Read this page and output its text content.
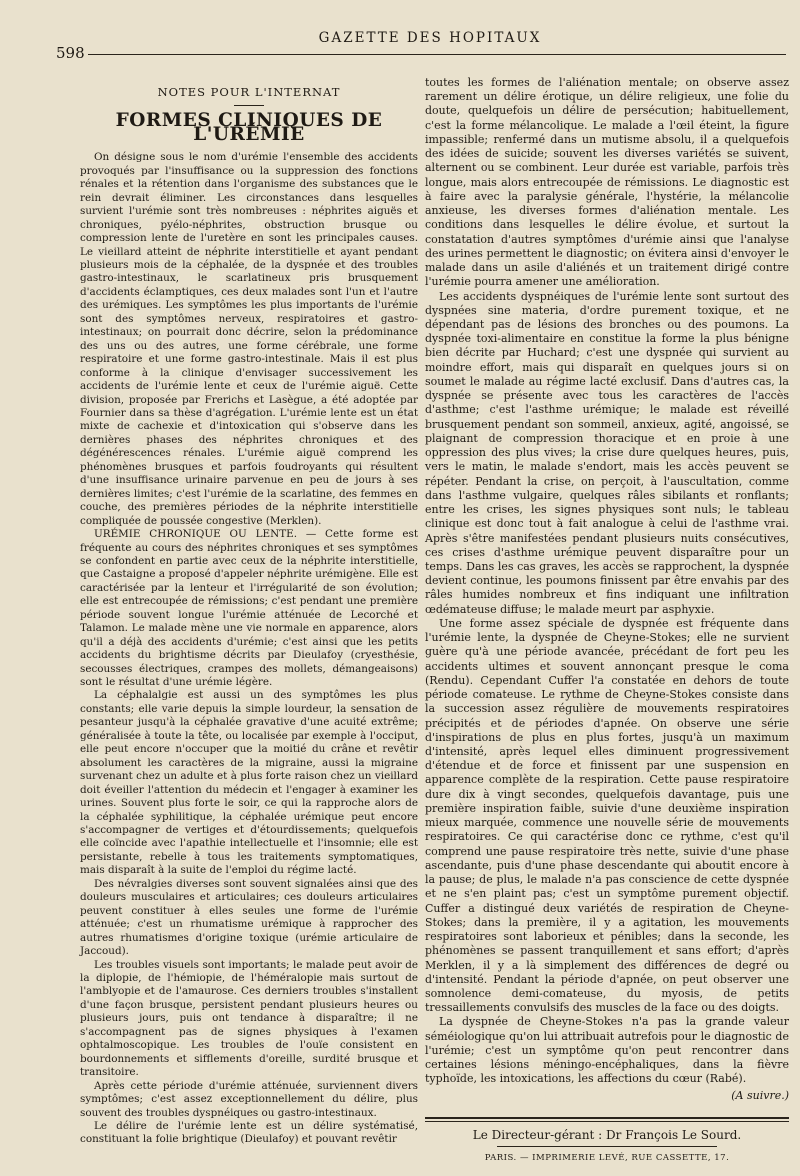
598
GAZETTE DES HOPITAUX
NOTES POUR L'INTERNAT
FORMES CLINIQUES DE L'URÉMIE

On désigne sous le nom d'urémie l'ensemble des accidents provoqués par l'insuffisance ou la suppression des fonctions rénales et la rétention dans l'organisme des substances que le rein devrait éliminer. Les circonstances dans lesquelles survient l'urémie sont très nombreuses : néphrites aiguës et chroniques, pyélo-néphrites, obstruction brusque ou compression lente de l'uretère en sont les principales causes. Le vieillard atteint de néphrite interstitielle et ayant pendant plusieurs mois de la céphalée, de la dyspnée et des troubles gastro-intestinaux, le scarlatineux pris brusquement d'accidents éclamptiques, ces deux malades sont l'un et l'autre des urémiques. Les symptômes les plus importants de l'urémie sont des symptômes nerveux, respiratoires et gastro-intestinaux; on pourrait donc décrire, selon la prédominance des uns ou des autres, une forme cérébrale, une forme respiratoire et une forme gastro-intestinale. Mais il est plus conforme à la clinique d'envisager successivement les accidents de l'urémie lente et ceux de l'urémie aiguë. Cette division, proposée par Frerichs et Lasègue, a été adoptée par Fournier dans sa thèse d'agrégation. L'urémie lente est un état mixte de cachexie et d'intoxication qui s'observe dans les dernières phases des néphrites chroniques et des dégénérescences rénales. L'urémie aiguë comprend les phénomènes brusques et parfois foudroyants qui résultent d'une insuffisance urinaire parvenue en peu de jours à ses dernières limites; c'est l'urémie de la scarlatine, des femmes en couche, des premières périodes de la néphrite interstitielle compliquée de poussée congestive (Merklen).

URÉMIE CHRONIQUE OU LENTE. — Cette forme est fréquente au cours des néphrites chroniques et ses symptômes se confondent en partie avec ceux de la néphrite interstitielle, que Castaigne a proposé d'appeler néphrite urémigène. Elle est caractérisée par la lenteur et l'irrégularité de son évolution; elle est entrecoupée de rémissions; c'est pendant une première période souvent longue l'urémie atténuée de Lecorché et Talamon. Le malade mène une vie normale en apparence, alors qu'il a déjà des accidents d'urémie; c'est ainsi que les petits accidents du brightisme décrits par Dieulafoy (cryesthésie, secousses électriques, crampes des mollets, démangeaisons) sont le résultat d'une urémie légère.

La céphalalgie est aussi un des symptômes les plus constants; elle varie depuis la simple lourdeur, la sensation de pesanteur jusqu'à la céphalée gravative d'une acuité extrême; généralisée à toute la tête, ou localisée par exemple à l'occiput, elle peut encore n'occuper que la moitié du crâne et revêtir absolument les caractères de la migraine, aussi la migraine survenant chez un adulte et à plus forte raison chez un vieillard doit éveiller l'attention du médecin et l'engager à examiner les urines. Souvent plus forte le soir, ce qui la rapproche alors de la céphalée syphilitique, la céphalée urémique peut encore s'accompagner de vertiges et d'étourdissements; quelquefois elle coïncide avec l'apathie intellectuelle et l'insomnie; elle est persistante, rebelle à tous les traitements symptomatiques, mais disparaît à la suite de l'emploi du régime lacté.

Des névralgies diverses sont souvent signalées ainsi que des douleurs musculaires et articulaires; ces douleurs articulaires peuvent constituer à elles seules une forme de l'urémie atténuée; c'est un rhumatisme urémique à rapprocher des autres rhumatismes d'origine toxique (urémie articulaire de Jaccoud).

Les troubles visuels sont importants; le malade peut avoir de la diplopie, de l'hémiopie, de l'héméralopie mais surtout de l'amblyopie et de l'amaurose. Ces derniers troubles s'installent d'une façon brusque, persistent pendant plusieurs heures ou plusieurs jours, puis ont tendance à disparaître; il ne s'accompagnent pas de signes physiques à l'examen ophtalmoscopique. Les troubles de l'ouïe consistent en bourdonnements et sifflements d'oreille, surdité brusque et transitoire.

Après cette période d'urémie atténuée, surviennent divers symptômes; c'est assez exceptionnellement du délire, plus souvent des troubles dyspnéiques ou gastro-intestinaux.

Le délire de l'urémie lente est un délire systématisé, constituant la folie brightique (Dieulafoy) et pouvant revêtir

toutes les formes de l'aliénation mentale; on observe assez rarement un délire érotique, un délire religieux, une folie du doute, quelquefois un délire de persécution; habituellement, c'est la forme mélancolique. Le malade a l'œil éteint, la figure impassible; renfermé dans un mutisme absolu, il a quelquefois des idées de suicide; souvent les diverses variétés se suivent, alternent ou se combinent. Leur durée est variable, parfois très longue, mais alors entrecoupée de rémissions. Le diagnostic est à faire avec la paralysie générale, l'hystérie, la mélancolie anxieuse, les diverses formes d'aliénation mentale. Les conditions dans lesquelles le délire évolue, et surtout la constatation d'autres symptômes d'urémie ainsi que l'analyse des urines permettent le diagnostic; on évitera ainsi d'envoyer le malade dans un asile d'aliénés et un traitement dirigé contre l'urémie pourra amener une amélioration.

Les accidents dyspnéiques de l'urémie lente sont surtout des dyspnées sine materia, d'ordre purement toxique, et ne dépendant pas de lésions des bronches ou des poumons. La dyspnée toxi-alimentaire en constitue la forme la plus bénigne bien décrite par Huchard; c'est une dyspnée qui survient au moindre effort, mais qui disparaît en quelques jours si on soumet le malade au régime lacté exclusif. Dans d'autres cas, la dyspnée se présente avec tous les caractères de l'accès d'asthme; c'est l'asthme urémique; le malade est réveillé brusquement pendant son sommeil, anxieux, agité, angoissé, se plaignant de compression thoracique et en proie à une oppression des plus vives; la crise dure quelques heures, puis, vers le matin, le malade s'endort, mais les accès peuvent se répéter. Pendant la crise, on perçoit, à l'auscultation, comme dans l'asthme vulgaire, quelques râles sibilants et ronflants; entre les crises, les signes physiques sont nuls; le tableau clinique est donc tout à fait analogue à celui de l'asthme vrai. Après s'être manifestées pendant plusieurs nuits consécutives, ces crises d'asthme urémique peuvent disparaître pour un temps. Dans les cas graves, les accès se rapprochent, la dyspnée devient continue, les poumons finissent par être envahis par des râles humides nombreux et fins indiquant une infiltration œdémateuse diffuse; le malade meurt par asphyxie.

Une forme assez spéciale de dyspnée est fréquente dans l'urémie lente, la dyspnée de Cheyne-Stokes; elle ne survient guère qu'à une période avancée, précédant de fort peu les accidents ultimes et souvent annonçant presque le coma (Rendu). Cependant Cuffer l'a constatée en dehors de toute période comateuse. Le rythme de Cheyne-Stokes consiste dans la succession assez régulière de mouvements respiratoires précipités et de périodes d'apnée. On observe une série d'inspirations de plus en plus fortes, jusqu'à un maximum d'intensité, après lequel elles diminuent progressivement d'étendue et de force et finissent par une suspension en apparence complète de la respiration. Cette pause respiratoire dure dix à vingt secondes, quelquefois davantage, puis une première inspiration faible, suivie d'une deuxième inspiration mieux marquée, commence une nouvelle série de mouvements respiratoires. Ce qui caractérise donc ce rythme, c'est qu'il comprend une pause respiratoire très nette, suivie d'une phase ascendante, puis d'une phase descendante qui aboutit encore à la pause; de plus, le malade n'a pas conscience de cette dyspnée et ne s'en plaint pas; c'est un symptôme purement objectif. Cuffer a distingué deux variétés de respiration de Cheyne-Stokes; dans la première, il y a agitation, les mouvements respiratoires sont laborieux et pénibles; dans la seconde, les phénomènes se passent tranquillement et sans effort; d'après Merklen, il y a là simplement des différences de degré ou d'intensité. Pendant la période d'apnée, on peut observer une somnolence demi-comateuse, du myosis, de petits tressaillements convulsifs des muscles de la face ou des doigts.

La dyspnée de Cheyne-Stokes n'a pas la grande valeur séméiologique qu'on lui attribuait autrefois pour le diagnostic de l'urémie; c'est un symptôme qu'on peut rencontrer dans certaines lésions méningo-encéphaliques, dans la fièvre typhoïde, les intoxications, les affections du cœur (Rabé).

(A suivre.)
Le Directeur-gérant : Dr François Le Sourd.
PARIS. — IMPRIMERIE LEVÉ, RUE CASSETTE, 17.
